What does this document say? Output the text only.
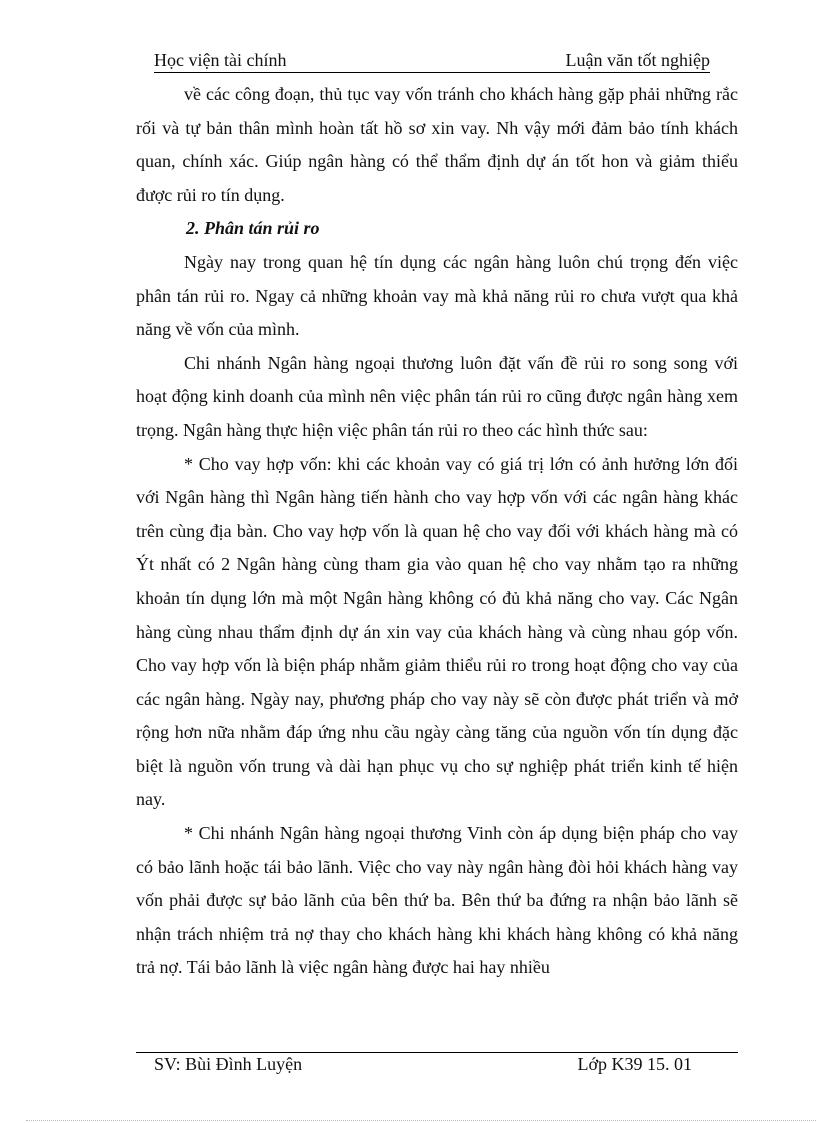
Học viện tài chính	Luận văn tốt nghiệp

về các công đoạn, thủ tục vay vốn tránh cho khách hàng gặp phải những rắc rối và tự bản thân mình hoàn tất hồ sơ xin vay. Nh vậy mới đảm bảo tính khách quan, chính xác. Giúp ngân hàng có thể thẩm định dự án tốt hon và giảm thiểu được rủi ro tín dụng.

2. Phân tán rủi ro

Ngày nay trong quan hệ tín dụng các ngân hàng luôn chú trọng đến việc phân tán rủi ro. Ngay cả những khoản vay mà khả năng rủi ro chưa vượt qua khả năng về vốn của mình.

Chi nhánh Ngân hàng ngoại thương luôn đặt vấn đề rủi ro song song với hoạt động kinh doanh của mình nên việc phân tán rủi ro cũng được ngân hàng xem trọng. Ngân hàng thực hiện việc phân tán rủi ro theo các hình thức sau:

* Cho vay hợp vốn: khi các khoản vay có giá trị lớn có ảnh hưởng lớn đối với Ngân hàng thì Ngân hàng tiến hành cho vay hợp vốn với các ngân hàng khác trên cùng địa bàn. Cho vay hợp vốn là quan hệ cho vay đối với khách hàng mà có Ýt nhất có 2 Ngân hàng cùng tham gia vào quan hệ cho vay nhằm tạo ra những khoản tín dụng lớn mà một Ngân hàng không có đủ khả năng cho vay. Các Ngân hàng cùng nhau thẩm định dự án xin vay của khách hàng và cùng nhau góp vốn. Cho vay hợp vốn là biện pháp nhằm giảm thiểu rủi ro trong hoạt động cho vay của các ngân hàng. Ngày nay, phương pháp cho vay này sẽ còn được phát triển và mở rộng hơn nữa nhằm đáp ứng nhu cầu ngày càng tăng của nguồn vốn tín dụng đặc biệt là nguồn vốn trung và dài hạn phục vụ cho sự nghiệp phát triển kinh tế hiện nay.

* Chi nhánh Ngân hàng ngoại thương Vinh còn áp dụng biện pháp cho vay có bảo lãnh hoặc tái bảo lãnh. Việc cho vay này ngân hàng đòi hỏi khách hàng vay vốn phải được sự bảo lãnh của bên thứ ba. Bên thứ ba đứng ra nhận bảo lãnh sẽ nhận trách nhiệm trả nợ thay cho khách hàng khi khách hàng không có khả năng trả nợ. Tái bảo lãnh là việc ngân hàng được hai hay nhiều

SV: Bùi Đình Luyện	Lớp K39 15. 01
